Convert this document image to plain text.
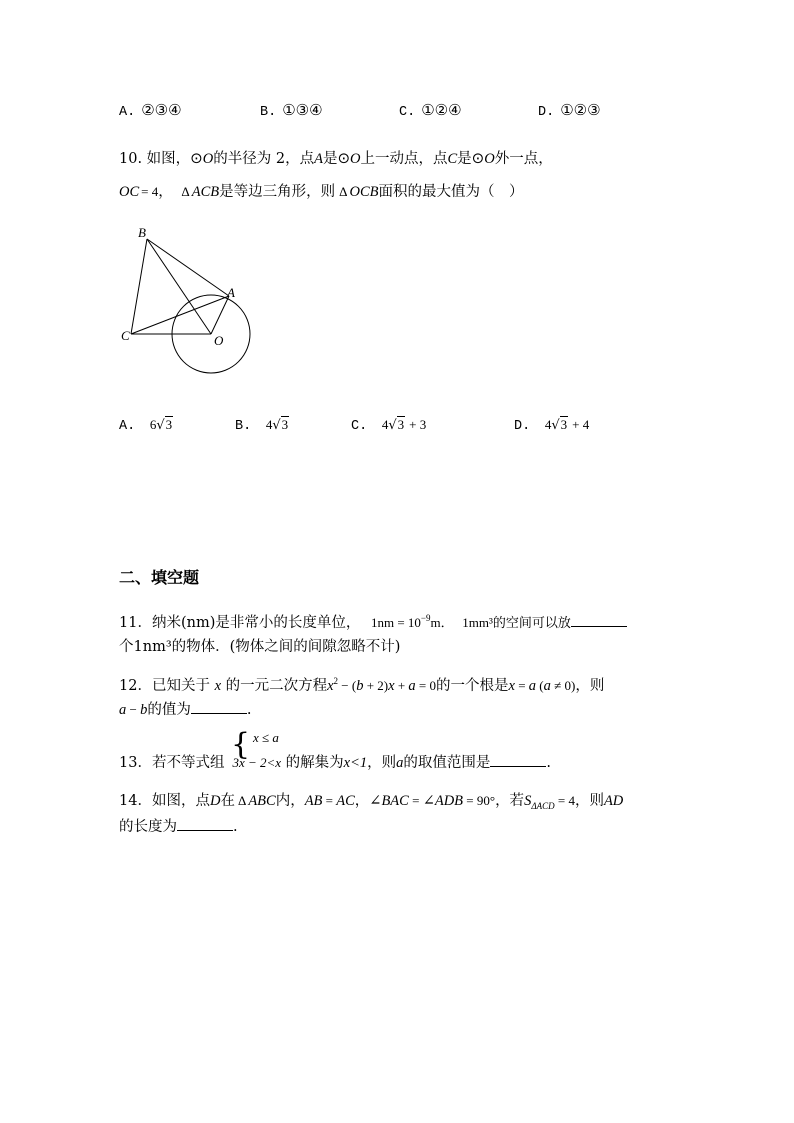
A. ②③④	B. ①③④	C. ①②④	D. ①②③
10. 如图，⊙O的半径为 2，点A是⊙O上一动点，点C是⊙O外一点，
OC = 4， Δ ACB是等边三角形，则 Δ OCB面积的最大值为（　）
B
A
C	O
A. 6√3	B. 4√3	C. 4√3 + 3	D. 4√3 + 4
二、填空题
11．纳米(nm)是非常小的长度单位， $1nm = 10^{-9}m$． 1mm³的空间可以放
个1nm³的物体．(物体之间的间隙忽略不计)
12．已知关于 x 的一元二次方程$x^2 - (b + 2)x + a = 0$的一个根是x = a (a ≠ 0)，则
a − b的值为	.
x ≤ a
{
13．若不等式组 3x − 2<x 的解集为x<1，则a的取值范围是	.
14．如图，点D在 Δ ABC内，AB = AC，∠BAC = ∠ADB = 90°，若$S_{\Delta ACD} = 4$，则AD
的长度为	.
